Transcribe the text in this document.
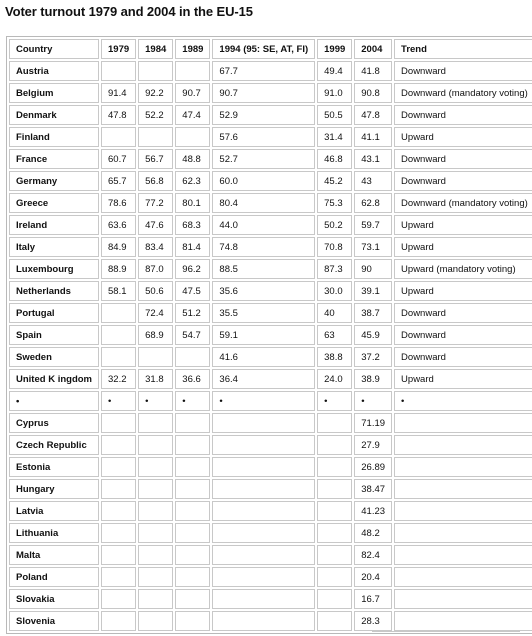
Voter turnout 1979 and 2004 in the EU-15
Country	1979	1984	1989	1994 (95: SE, AT, FI)	1999	2004	Trend
Austria				67.7	49.4	41.8	Downward
Belgium	91.4	92.2	90.7	90.7	91.0	90.8	Downward (mandatory voting)
Denmark	47.8	52.2	47.4	52.9	50.5	47.8	Downward
Finland				57.6	31.4	41.1	Upward
France	60.7	56.7	48.8	52.7	46.8	43.1	Downward
Germany	65.7	56.8	62.3	60.0	45.2	43	Downward
Greece	78.6	77.2	80.1	80.4	75.3	62.8	Downward (mandatory voting)
Ireland	63.6	47.6	68.3	44.0	50.2	59.7	Upward
Italy	84.9	83.4	81.4	74.8	70.8	73.1	Upward
Luxembourg	88.9	87.0	96.2	88.5	87.3	90	Upward (mandatory voting)
Netherlands	58.1	50.6	47.5	35.6	30.0	39.1	Upward
Portugal		72.4	51.2	35.5	40	38.7	Downward
Spain		68.9	54.7	59.1	63	45.9	Downward
Sweden				41.6	38.8	37.2	Downward
United K ingdom	32.2	31.8	36.6	36.4	24.0	38.9	Upward
•	•	•	•	•	•	•	•
Cyprus						71.19	
Czech Republic						27.9	
Estonia						26.89	
Hungary						38.47	
Latvia						41.23	
Lithuania						48.2	
Malta						82.4	
Poland						20.4	
Slovakia						16.7	
Slovenia						28.3	
